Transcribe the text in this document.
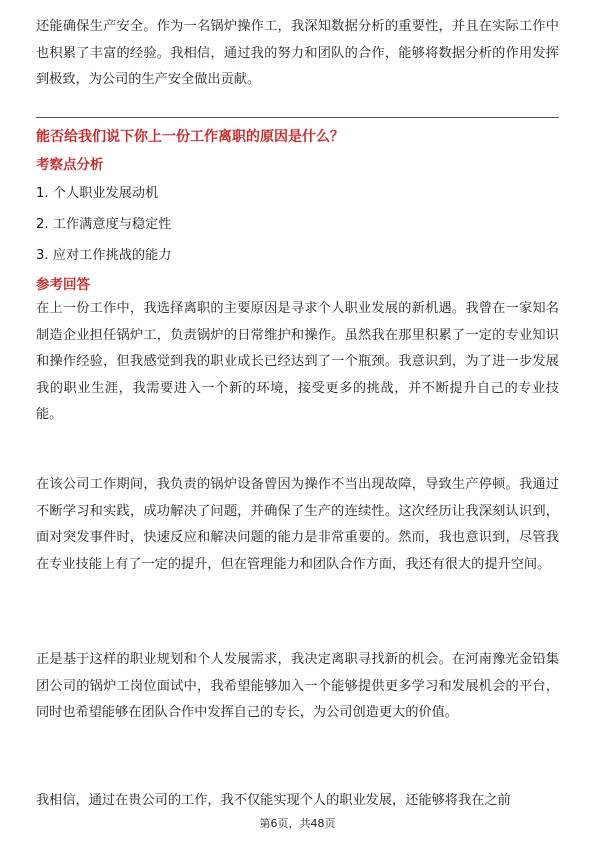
还能确保生产安全。作为一名锅炉操作工，我深知数据分析的重要性，并且在实际工作中也积累了丰富的经验。我相信，通过我的努力和团队的合作，能够将数据分析的作用发挥到极致，为公司的生产安全做出贡献。

能否给我们说下你上一份工作离职的原因是什么？

考察点分析

1. 个人职业发展动机
2. 工作满意度与稳定性
3. 应对工作挑战的能力

参考回答

在上一份工作中，我选择离职的主要原因是寻求个人职业发展的新机遇。我曾在一家知名制造企业担任锅炉工，负责锅炉的日常维护和操作。虽然我在那里积累了一定的专业知识和操作经验，但我感觉到我的职业成长已经达到了一个瓶颈。我意识到，为了进一步发展我的职业生涯，我需要进入一个新的环境，接受更多的挑战，并不断提升自己的专业技能。

在该公司工作期间，我负责的锅炉设备曾因为操作不当出现故障，导致生产停顿。我通过不断学习和实践，成功解决了问题，并确保了生产的连续性。这次经历让我深刻认识到，面对突发事件时，快速反应和解决问题的能力是非常重要的。然而，我也意识到，尽管我在专业技能上有了一定的提升，但在管理能力和团队合作方面，我还有很大的提升空间。

正是基于这样的职业规划和个人发展需求，我决定离职寻找新的机会。在河南豫光金铅集团公司的锅炉工岗位面试中，我希望能够加入一个能够提供更多学习和发展机会的平台，同时也希望能够在团队合作中发挥自己的专长，为公司创造更大的价值。

我相信，通过在贵公司的工作，我不仅能实现个人的职业发展，还能够将我在之前

第6页，共48页
